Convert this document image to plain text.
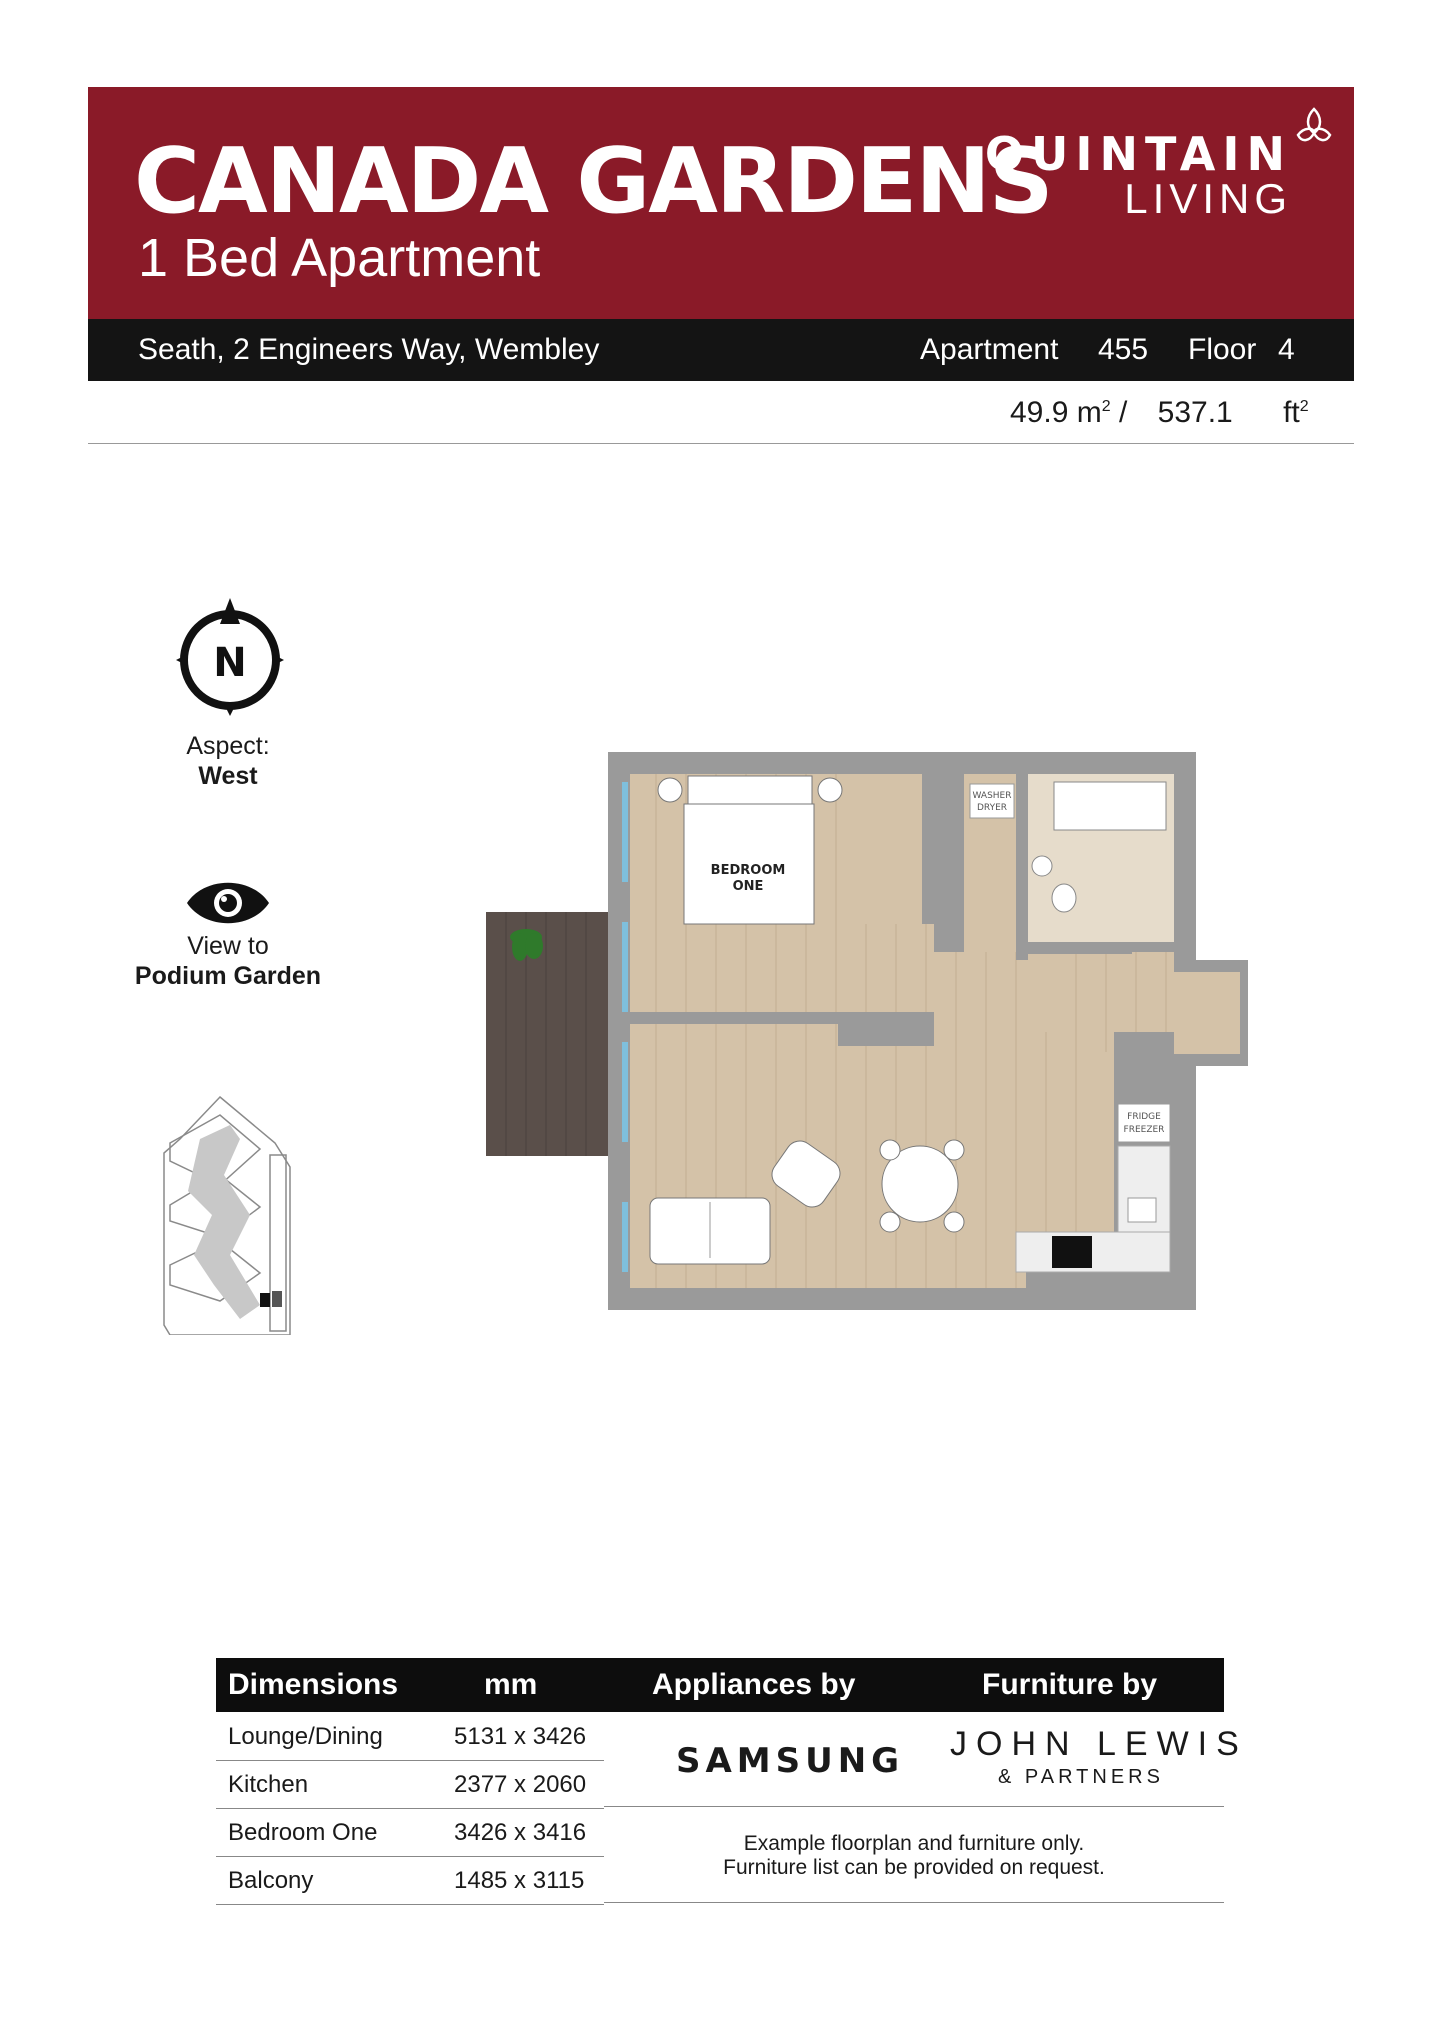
CANADA GARDENS
1 Bed Apartment
QUINTAIN
LIVING
Seath, 2 Engineers Way, Wembley	Apartment 455 Floor 4
49.9 $m^2 / 537.1$ $ft^2$
N
Aspect:
West
View to
Podium Garden
BEDROOM
ONE
WASHER
DRYER
FRIDGE
FREEZER
Dimensions	mm	Appliances by	Furniture by
Lounge/Dining	5131 x 3426
Kitchen	2377 x 2060
Bedroom One	3426 x 3416
Balcony	1485 x 3115
SAMSUNG JOHN LEWIS
& PARTNERS
Example floorplan and furniture only.
Furniture list can be provided on request.
